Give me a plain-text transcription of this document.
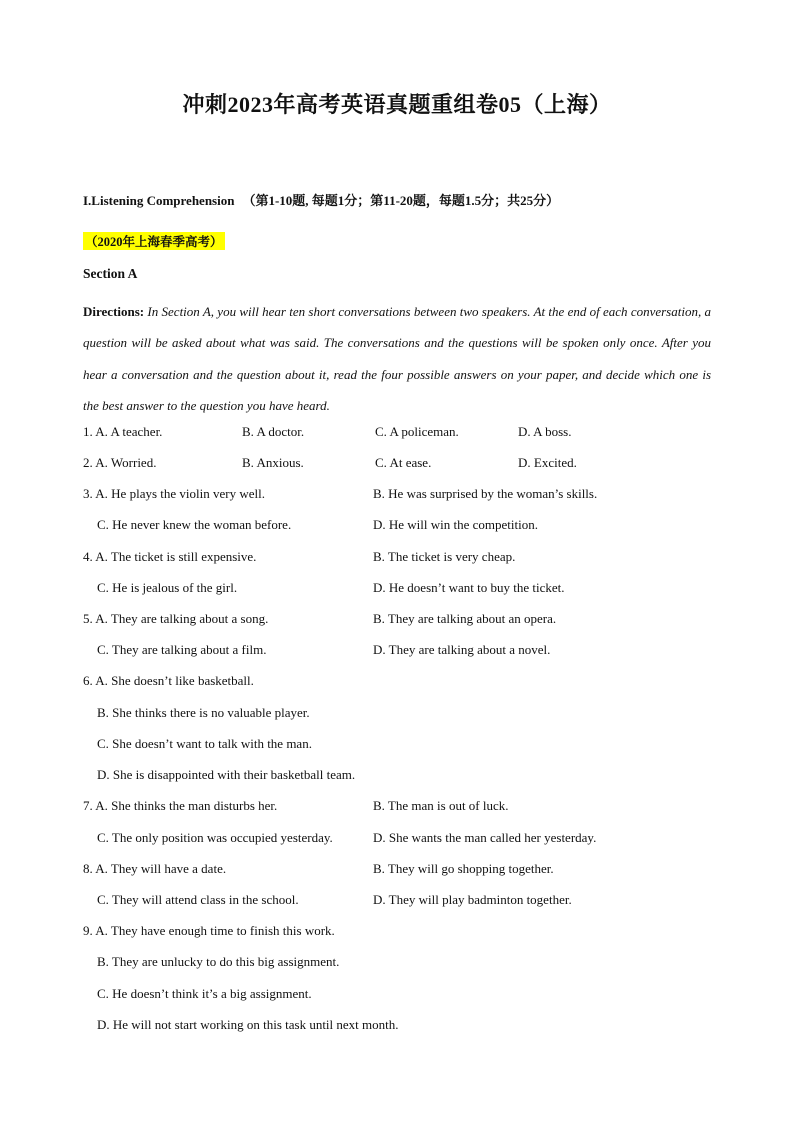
冲刺2023年高考英语真题重组卷05（上海）
I.Listening Comprehension （第1-10题, 每题1分；第11-20题，每题1.5分；共25分）
（2020年上海春季高考）
Section A
Directions: In Section A, you will hear ten short conversations between two speakers. At the end of each conversation, a question will be asked about what was said. The conversations and the questions will be spoken only once. After you hear a conversation and the question about it, read the four possible answers on your paper, and decide which one is the best answer to the question you have heard.
1. A. A teacher.	B. A doctor.	C. A policeman.	D. A boss.
2. A. Worried.	B. Anxious.	C. At ease.	D. Excited.
3. A. He plays the violin very well.	B. He was surprised by the woman’s skills.
C. He never knew the woman before.	D. He will win the competition.
4. A. The ticket is still expensive.	B. The ticket is very cheap.
C. He is jealous of the girl.	D. He doesn’t want to buy the ticket.
5. A. They are talking about a song.	B. They are talking about an opera.
C. They are talking about a film.	D. They are talking about a novel.
6. A. She doesn’t like basketball.
B. She thinks there is no valuable player.
C. She doesn’t want to talk with the man.
D. She is disappointed with their basketball team.
7. A. She thinks the man disturbs her.	B. The man is out of luck.
C. The only position was occupied yesterday.	D. She wants the man called her yesterday.
8. A. They will have a date.	B. They will go shopping together.
C. They will attend class in the school.	D. They will play badminton together.
9. A. They have enough time to finish this work.
B. They are unlucky to do this big assignment.
C. He doesn’t think it’s a big assignment.
D. He will not start working on this task until next month.
